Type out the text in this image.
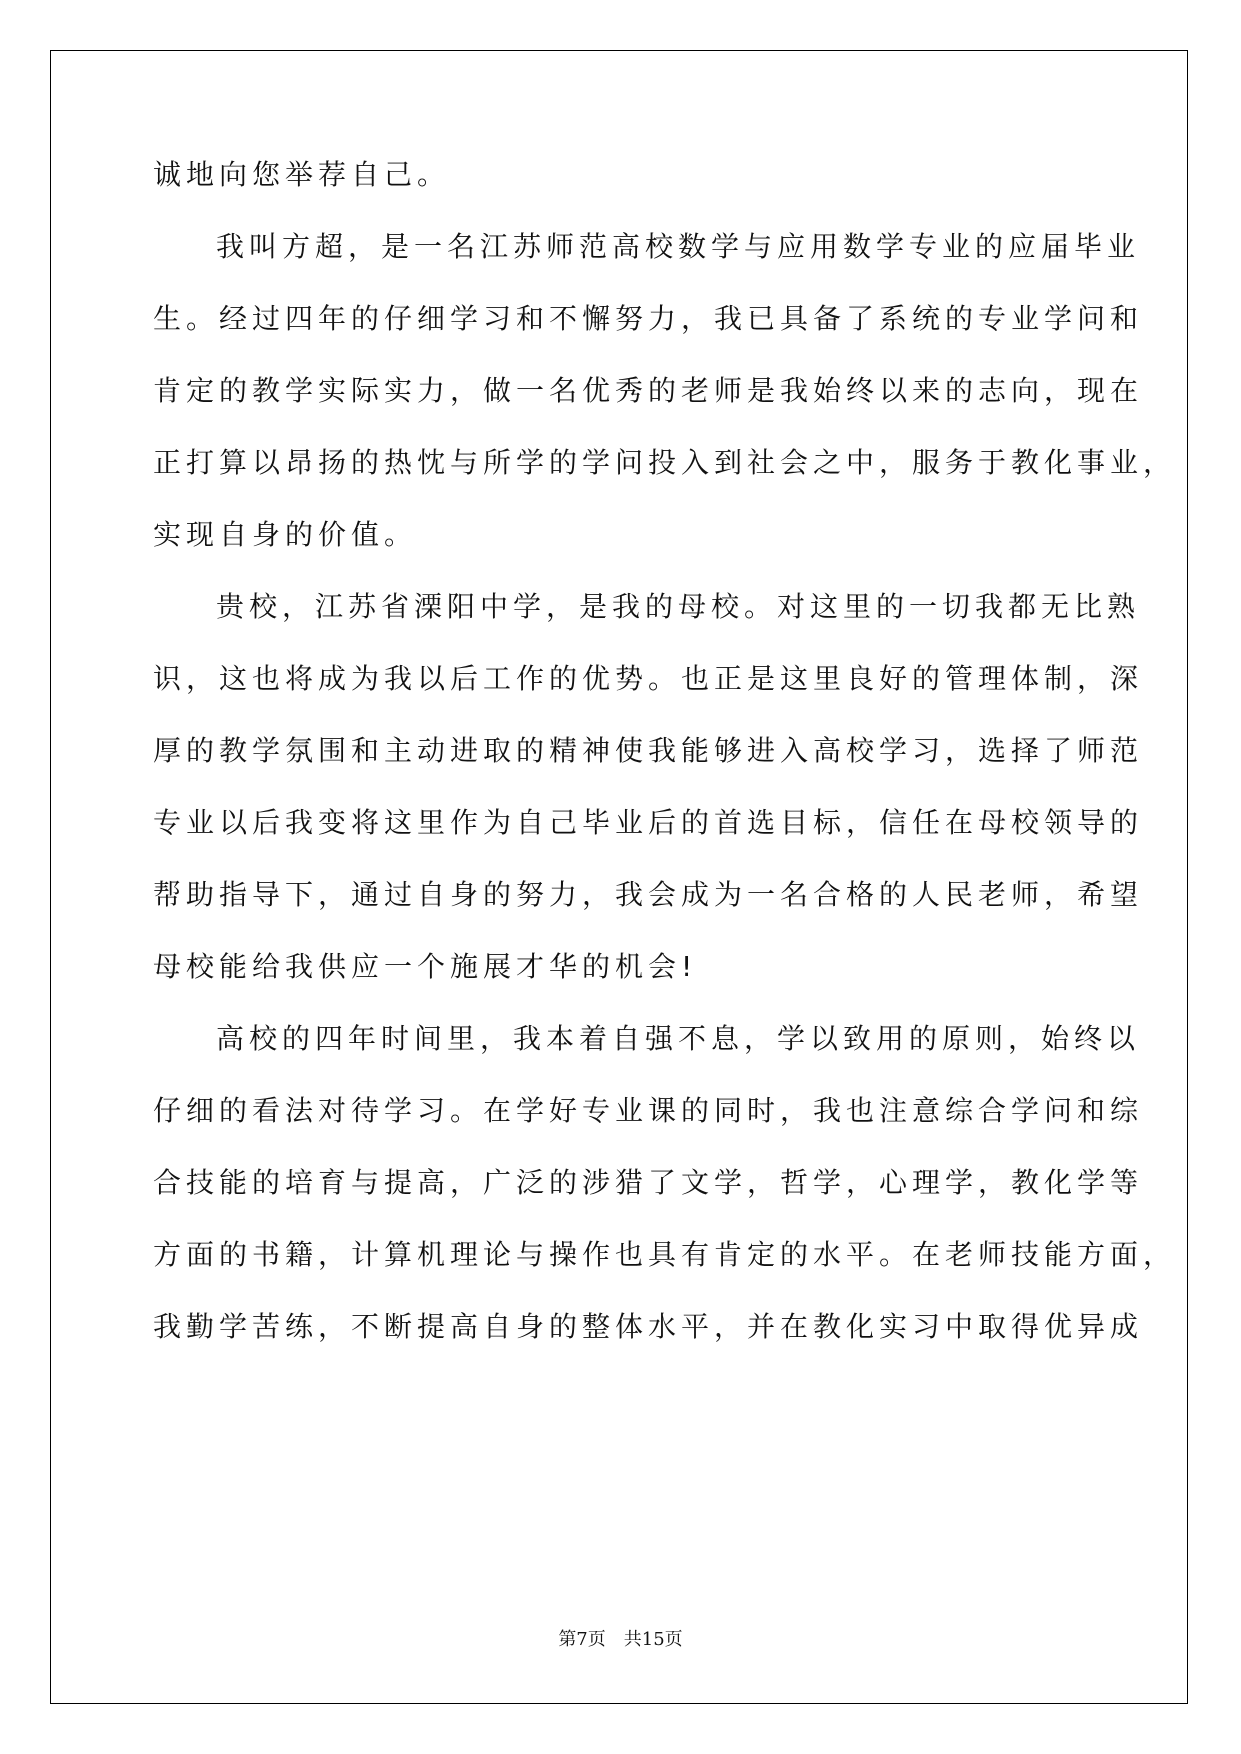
诚地向您举荐自己。

我叫方超，是一名江苏师范高校数学与应用数学专业的应届毕业

生。经过四年的仔细学习和不懈努力，我已具备了系统的专业学问和

肯定的教学实际实力，做一名优秀的老师是我始终以来的志向，现在

正打算以昂扬的热忱与所学的学问投入到社会之中，服务于教化事业，

实现自身的价值。

贵校，江苏省溧阳中学，是我的母校。对这里的一切我都无比熟

识，这也将成为我以后工作的优势。也正是这里良好的管理体制，深

厚的教学氛围和主动进取的精神使我能够进入高校学习，选择了师范

专业以后我变将这里作为自己毕业后的首选目标，信任在母校领导的

帮助指导下，通过自身的努力，我会成为一名合格的人民老师，希望

母校能给我供应一个施展才华的机会!

高校的四年时间里，我本着自强不息，学以致用的原则，始终以

仔细的看法对待学习。在学好专业课的同时，我也注意综合学问和综

合技能的培育与提高，广泛的涉猎了文学，哲学，心理学，教化学等

方面的书籍，计算机理论与操作也具有肯定的水平。在老师技能方面，

我勤学苦练，不断提高自身的整体水平，并在教化实习中取得优异成

第7页 共15页
